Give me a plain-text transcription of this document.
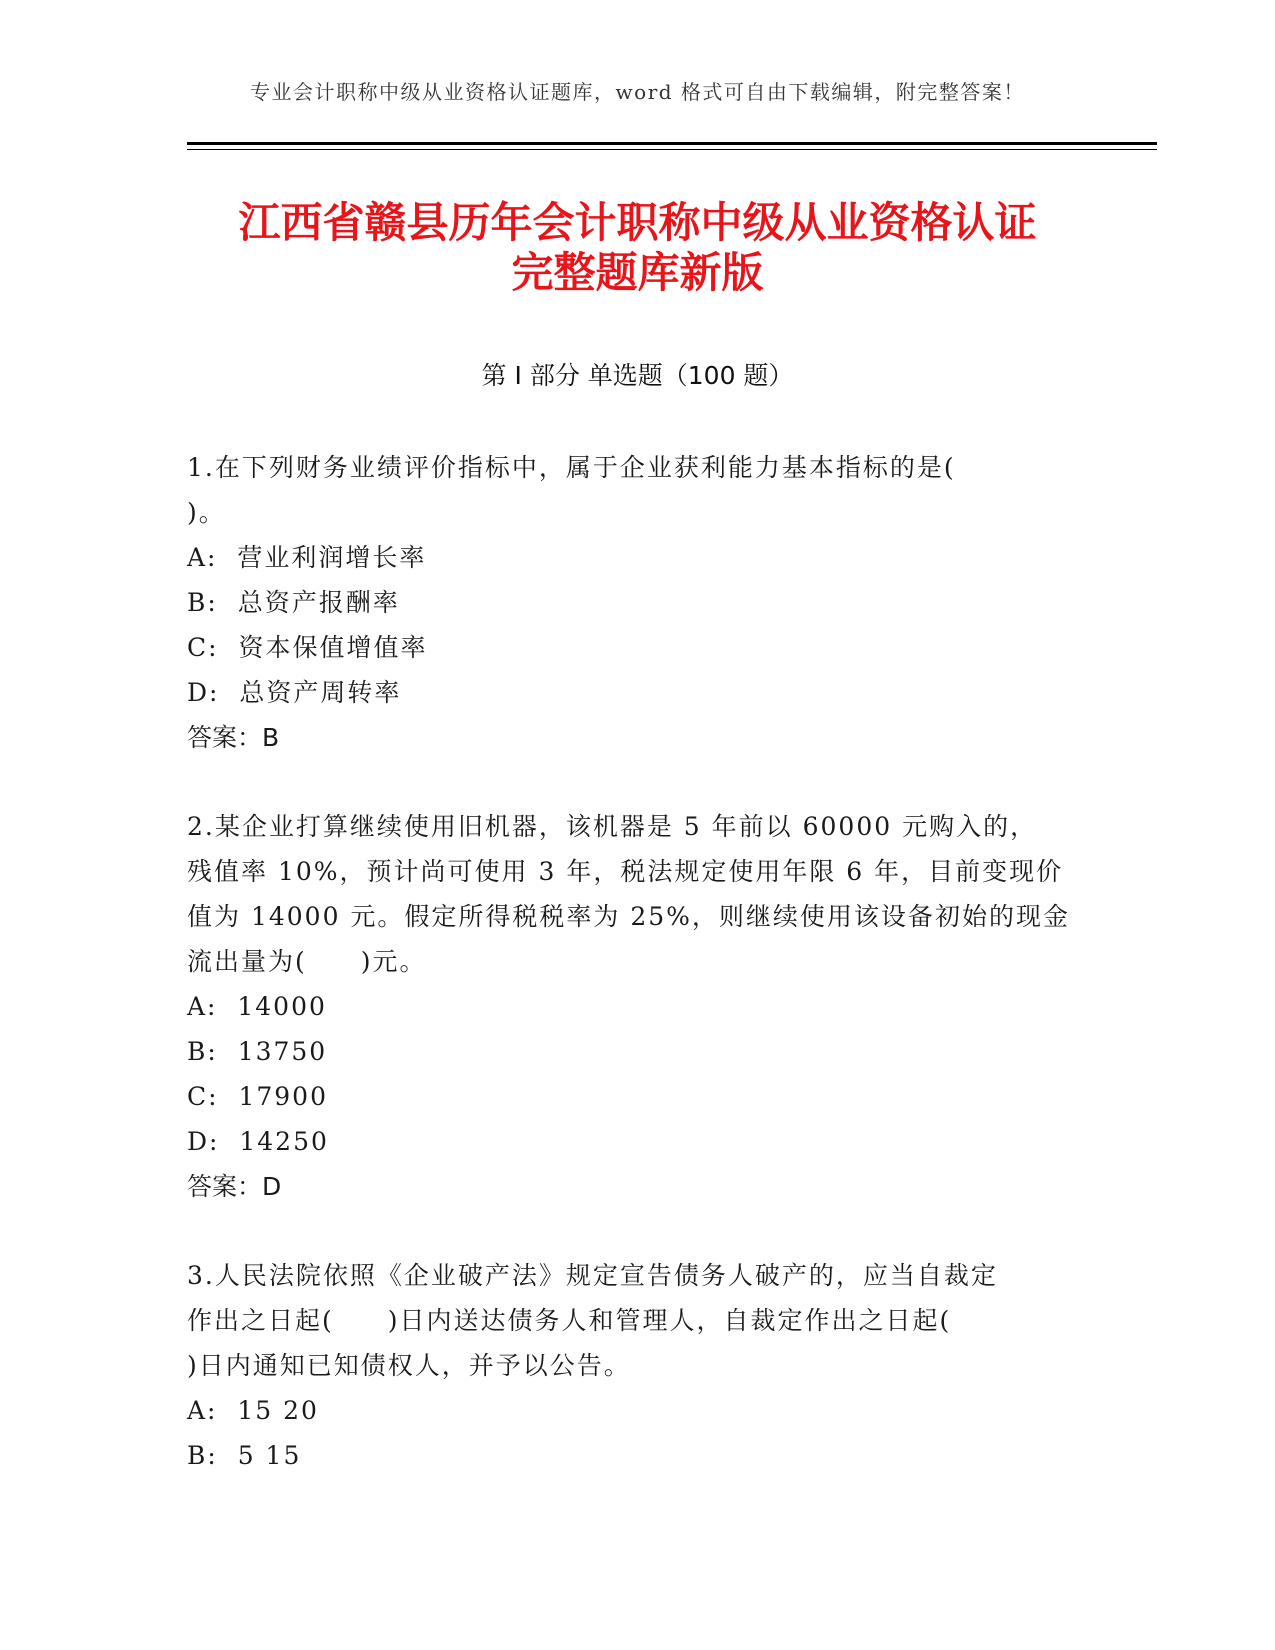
专业会计职称中级从业资格认证题库，word 格式可自由下载编辑，附完整答案！
江西省赣县历年会计职称中级从业资格认证
完整题库新版
第 I 部分 单选题（100 题）

1.在下列财务业绩评价指标中，属于企业获利能力基本指标的是(

)。

A:  营业利润增长率

B:  总资产报酬率

C:  资本保值增值率

D:  总资产周转率

答案：B

2.某企业打算继续使用旧机器，该机器是 5 年前以 60000 元购入的，

残值率 10%，预计尚可使用 3 年，税法规定使用年限 6 年，目前变现价

值为 14000 元。假定所得税税率为 25%，则继续使用该设备初始的现金

流出量为(　　)元。

A:  14000

B:  13750

C:  17900

D:  14250

答案：D

3.人民法院依照《企业破产法》规定宣告债务人破产的，应当自裁定

作出之日起(　　)日内送达债务人和管理人，自裁定作出之日起(

)日内通知已知债权人，并予以公告。

A:  15 20

B:  5 15
